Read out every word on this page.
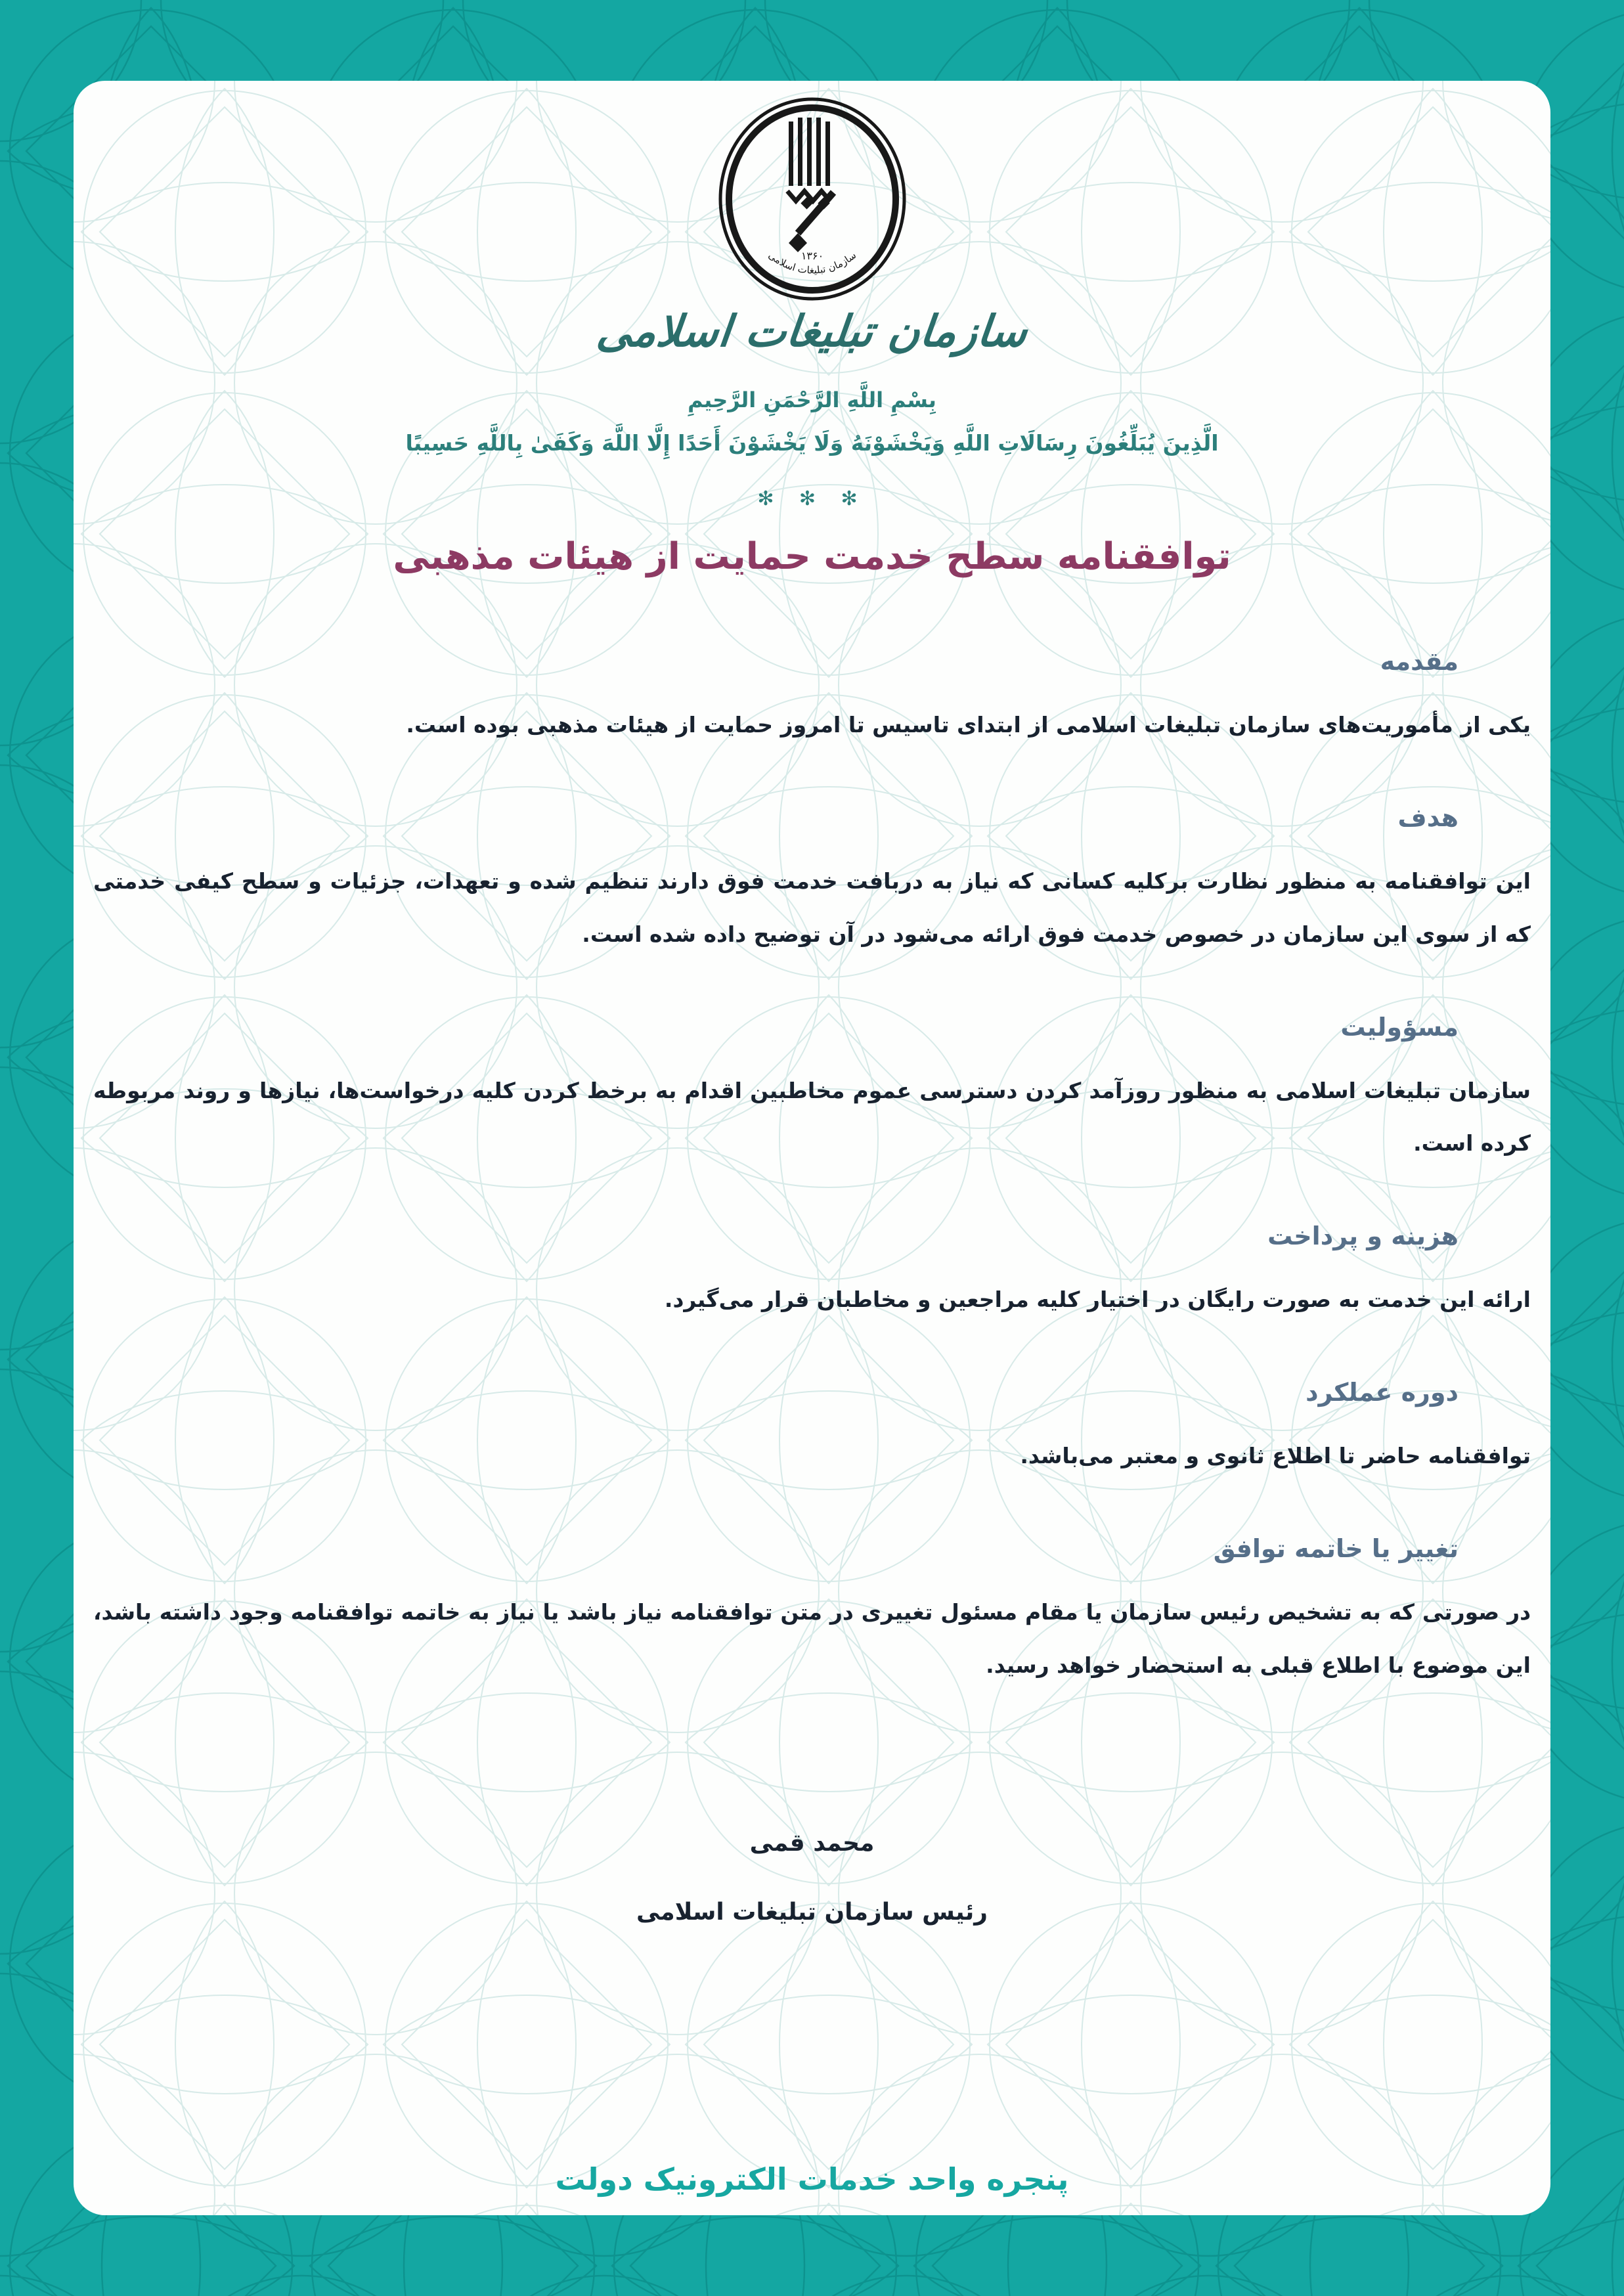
۱۳۶۰
سازمان تبلیغات اسلامی
سازمان تبلیغات اسلامی
بِسْمِ اللَّهِ الرَّحْمَنِ الرَّحِيمِ
الَّذِينَ يُبَلِّغُونَ رِسَالَاتِ اللَّهِ وَيَخْشَوْنَهُ وَلَا يَخْشَوْنَ أَحَدًا إِلَّا اللَّهَ وَكَفَىٰ بِاللَّهِ حَسِيبًا
✻ ✻ ✻
توافقنامه سطح خدمت حمایت از هیئات مذهبی
مقدمه

یکی از مأموریت‌های سازمان تبلیغات اسلامی از ابتدای تاسیس تا امروز حمایت از هیئات مذهبی بوده است.

هدف

این توافقنامه به منظور نظارت برکلیه کسانی که نیاز به دربافت خدمت فوق دارند تنظیم شده و تعهدات، جزئیات و سطح کیفی خدمتی که از سوی این سازمان در خصوص خدمت فوق ارائه می‌شود در آن توضیح داده شده است.

مسؤولیت

سازمان تبلیغات اسلامی به منظور روزآمد کردن دسترسی عموم مخاطبین اقدام به برخط کردن کلیه درخواست‌ها، نیازها و روند مربوطه کرده است.

هزینه و پرداخت

ارائه این خدمت به صورت رایگان در اختیار کلیه مراجعین و مخاطبان قرار می‌گیرد.

دوره عملکرد

توافقنامه حاضر تا اطلاع ثانوی و معتبر می‌باشد.

تغییر یا خاتمه توافق

در صورتی که به تشخیص رئیس سازمان یا مقام مسئول تغییری در متن توافقنامه نیاز باشد یا نیاز به خاتمه توافقنامه وجود داشته باشد، این موضوع با اطلاع قبلی به استحضار خواهد رسید.

محمد قمی
رئیس سازمان تبلیغات اسلامی
پنجره واحد خدمات الکترونیک دولت
